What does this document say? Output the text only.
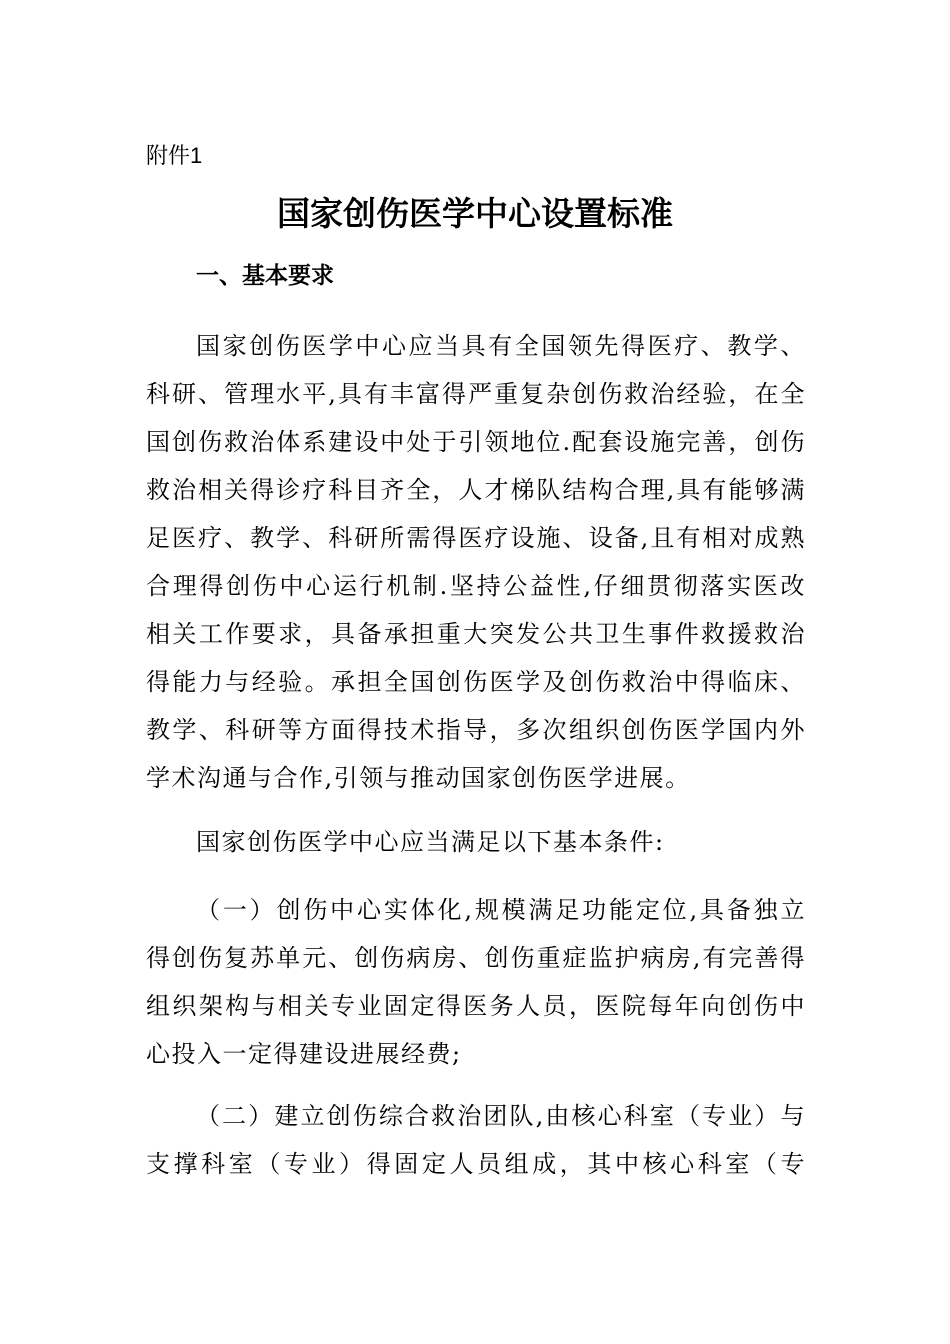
附件1

国家创伤医学中心设置标准
一、基本要求
国家创伤医学中心应当具有全国领先得医疗、教学、
科研、管理水平,具有丰富得严重复杂创伤救治经验，在全
国创伤救治体系建设中处于引领地位.配套设施完善，创伤
救治相关得诊疗科目齐全，人才梯队结构合理,具有能够满
足医疗、教学、科研所需得医疗设施、设备,且有相对成熟
合理得创伤中心运行机制.坚持公益性,仔细贯彻落实医改
相关工作要求，具备承担重大突发公共卫生事件救援救治
得能力与经验。承担全国创伤医学及创伤救治中得临床、
教学、科研等方面得技术指导，多次组织创伤医学国内外
学术沟通与合作,引领与推动国家创伤医学进展。
国家创伤医学中心应当满足以下基本条件:
（一）创伤中心实体化,规模满足功能定位,具备独立
得创伤复苏单元、创伤病房、创伤重症监护病房,有完善得
组织架构与相关专业固定得医务人员，医院每年向创伤中
心投入一定得建设进展经费;
（二）建立创伤综合救治团队,由核心科室（专业）与
支撑科室（专业）得固定人员组成，其中核心科室（专
